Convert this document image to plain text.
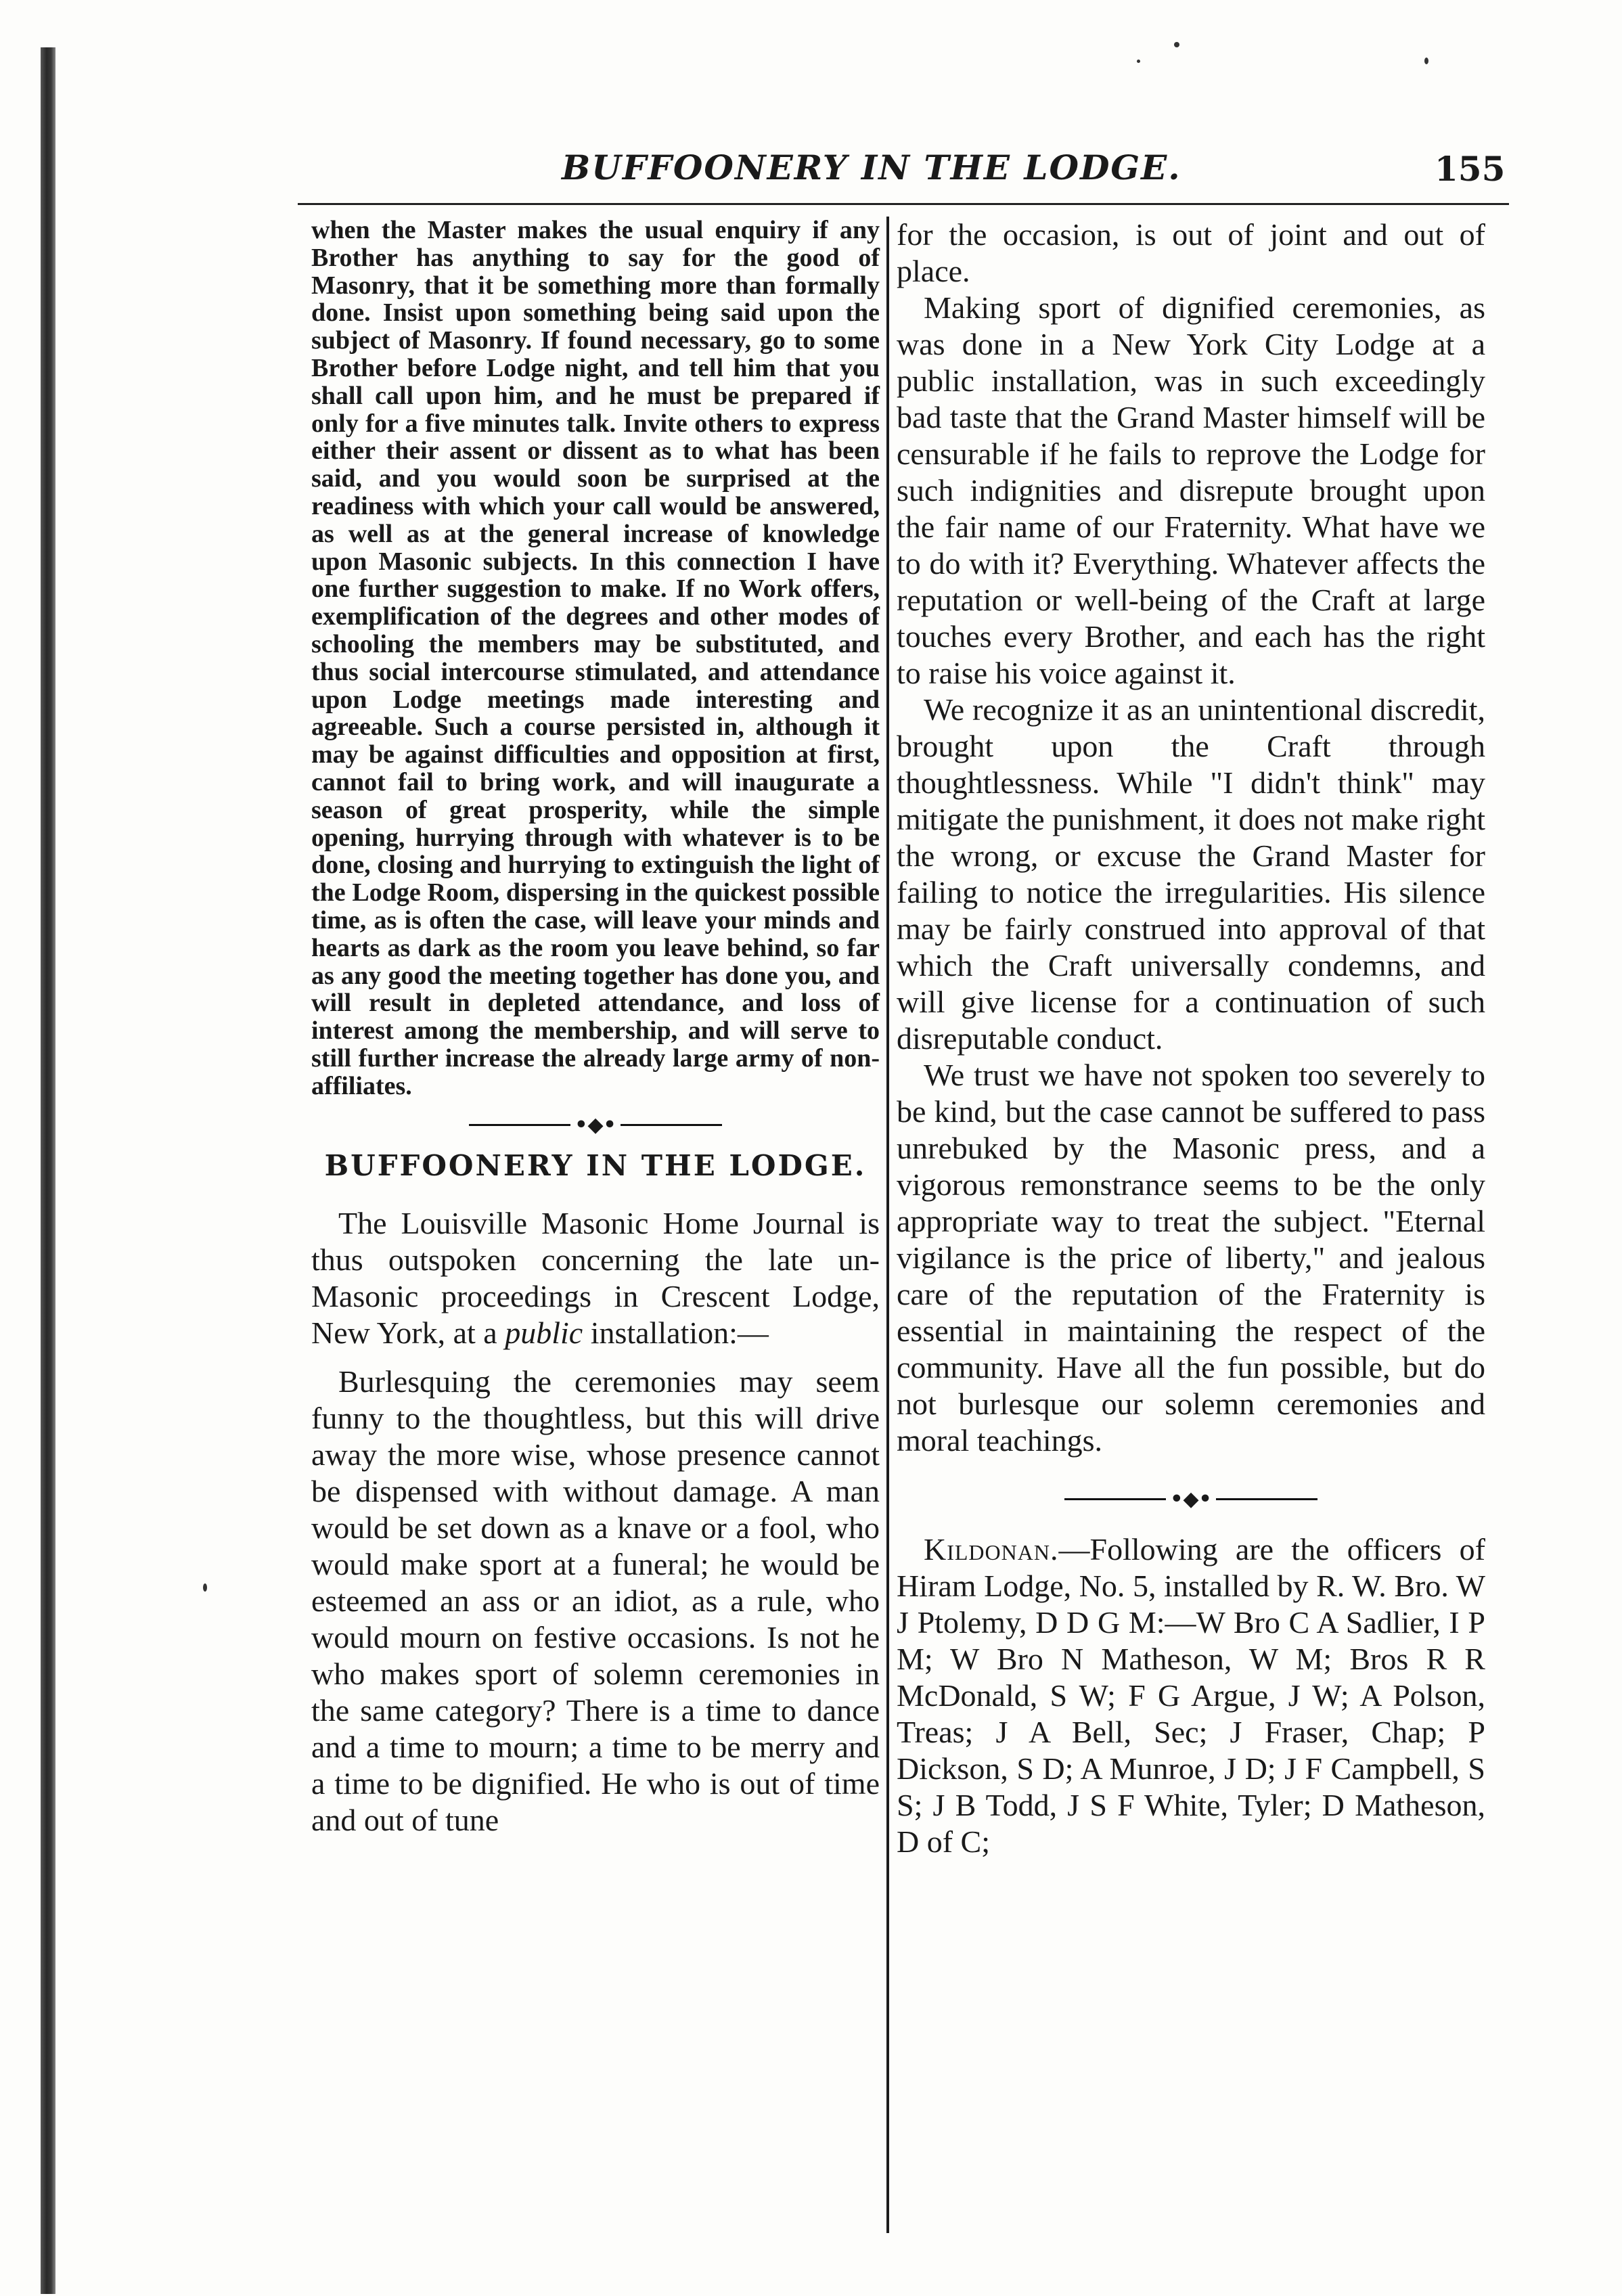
BUFFOONERY IN THE LODGE.	155

when the Master makes the usual enquiry if any Brother has anything to say for the good of Masonry, that it be something more than formally done. Insist upon something being said upon the subject of Masonry. If found necessary, go to some Brother before Lodge night, and tell him that you shall call upon him, and he must be prepared if only for a five minutes talk. Invite others to express either their assent or dissent as to what has been said, and you would soon be surprised at the readiness with which your call would be answered, as well as at the general increase of knowledge upon Masonic subjects. In this connection I have one further suggestion to make. If no Work offers, exemplification of the degrees and other modes of schooling the members may be substituted, and thus social intercourse stimulated, and attendance upon Lodge meetings made interesting and agreeable. Such a course persisted in, although it may be against difficulties and opposition at first, cannot fail to bring work, and will inaugurate a season of great prosperity, while the simple opening, hurrying through with whatever is to be done, closing and hurrying to extinguish the light of the Lodge Room, dispersing in the quickest possible time, as is often the case, will leave your minds and hearts as dark as the room you leave behind, so far as any good the meeting together has done you, and will result in depleted attendance, and loss of interest among the membership, and will serve to still further increase the already large army of non-affiliates.

•◆•
BUFFOONERY IN THE LODGE.

The Louisville Masonic Home Journal is thus outspoken concerning the late un-Masonic proceedings in Crescent Lodge, New York, at a public installation:—

Burlesquing the ceremonies may seem funny to the thoughtless, but this will drive away the more wise, whose presence cannot be dispensed with without damage. A man would be set down as a knave or a fool, who would make sport at a funeral; he would be esteemed an ass or an idiot, as a rule, who would mourn on festive occasions. Is not he who makes sport of solemn ceremonies in the same category? There is a time to dance and a time to mourn; a time to be merry and a time to be dignified. He who is out of time and out of tune

for the occasion, is out of joint and out of place.

Making sport of dignified ceremonies, as was done in a New York City Lodge at a public installation, was in such exceedingly bad taste that the Grand Master himself will be censurable if he fails to reprove the Lodge for such indignities and disrepute brought upon the fair name of our Fraternity. What have we to do with it? Everything. Whatever affects the reputation or well-being of the Craft at large touches every Brother, and each has the right to raise his voice against it.

We recognize it as an unintentional discredit, brought upon the Craft through thoughtlessness. While "I didn't think" may mitigate the punishment, it does not make right the wrong, or excuse the Grand Master for failing to notice the irregularities. His silence may be fairly construed into approval of that which the Craft universally condemns, and will give license for a continuation of such disreputable conduct.

We trust we have not spoken too severely to be kind, but the case cannot be suffered to pass unrebuked by the Masonic press, and a vigorous remonstrance seems to be the only appropriate way to treat the subject. "Eternal vigilance is the price of liberty," and jealous care of the reputation of the Fraternity is essential in maintaining the respect of the community. Have all the fun possible, but do not burlesque our solemn ceremonies and moral teachings.

•◆•

Kildonan.—Following are the officers of Hiram Lodge, No. 5, installed by R. W. Bro. W J Ptolemy, D D G M:—W Bro C A Sadlier, I P M; W Bro N Matheson, W M; Bros R R McDonald, S W; F G Argue, J W; A Polson, Treas; J A Bell, Sec; J Fraser, Chap; P Dickson, S D; A Munroe, J D; J F Campbell, S S; J B Todd, J S F White, Tyler; D Matheson, D of C;
